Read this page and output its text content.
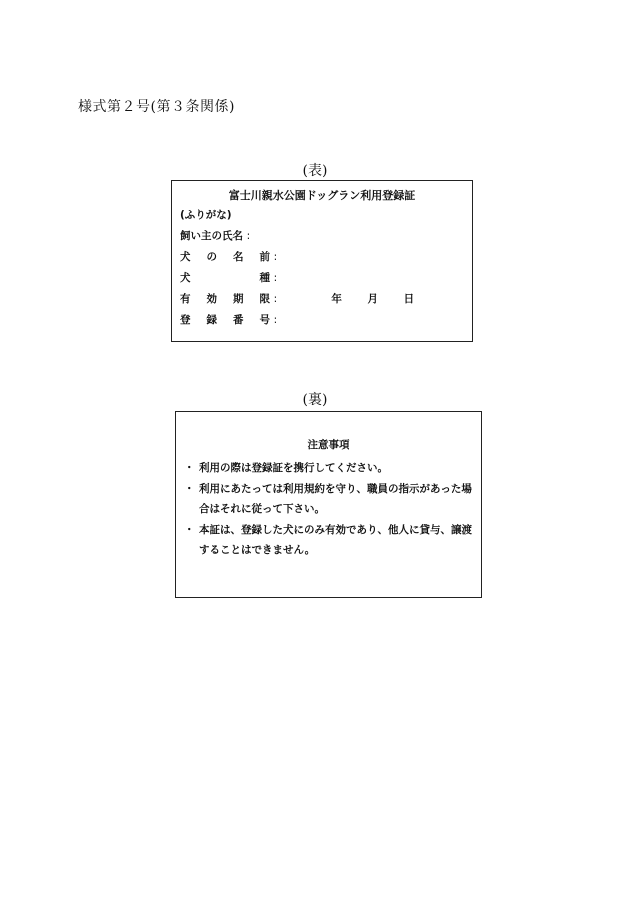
様式第２号(第３条関係)
(表)
富士川親水公園ドッグラン利用登録証
(ふりがな)
飼い主の氏名 :
犬 の 名 前 :
犬	種 :
有 効 期 限 :	年 月 日
登 録 番 号 :
(裏)
注意事項
・ 利用の際は登録証を携行してください。
・ 利用にあたっては利用規約を守り、職員の指示があった場合はそれに従って下さい。
・ 本証は、登録した犬にのみ有効であり、他人に貸与、譲渡することはできません。
